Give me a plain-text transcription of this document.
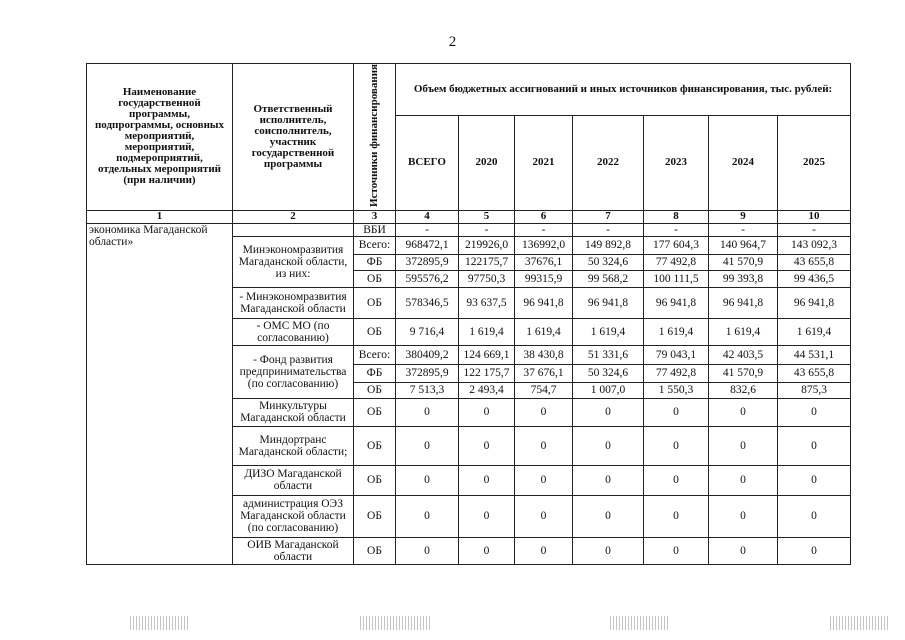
2
Наименование государственной программы, подпрограммы, основных мероприятий, мероприятий, подмероприятий, отдельных мероприятий (при наличии)	Ответственный исполнитель, соисполнитель, участник государственной программы	Источники финансирования	Объем бюджетных ассигнований и иных источников финансирования, тыс. рублей:						
			ВСЕГО	2020	2021	2022	2023	2024	2025
1	2	3	4	5	6	7	8	9	10
экономика Магаданской области»		ВБИ	-	-	-	-	-	-	-
	Минэкономразвития Магаданской области, из них:	Всего:	968472,1	219926,0	136992,0	149 892,8	177 604,3	140 964,7	143 092,3
		ФБ	372895,9	122175,7	37676,1	50 324,6	77 492,8	41 570,9	43 655,8
		ОБ	595576,2	97750,3	99315,9	99 568,2	100 111,5	99 393,8	99 436,5
	- Минэкономразвития Магаданской области	ОБ	578346,5	93 637,5	96 941,8	96 941,8	96 941,8	96 941,8	96 941,8
	- ОМС МО (по согласованию)	ОБ	9 716,4	1 619,4	1 619,4	1 619,4	1 619,4	1 619,4	1 619,4
	- Фонд развития предпринимательства (по согласованию)	Всего:	380409,2	124 669,1	38 430,8	51 331,6	79 043,1	42 403,5	44 531,1
		ФБ	372895,9	122 175,7	37 676,1	50 324,6	77 492,8	41 570,9	43 655,8
		ОБ	7 513,3	2 493,4	754,7	1 007,0	1 550,3	832,6	875,3
	Минкультуры Магаданской области	ОБ	0	0	0	0	0	0	0
	Миндортранс Магаданской области;	ОБ	0	0	0	0	0	0	0
	ДИЗО Магаданской области	ОБ	0	0	0	0	0	0	0
	администрация ОЭЗ Магаданской области (по согласованию)	ОБ	0	0	0	0	0	0	0
	ОИВ Магаданской области	ОБ	0	0	0	0	0	0	0
